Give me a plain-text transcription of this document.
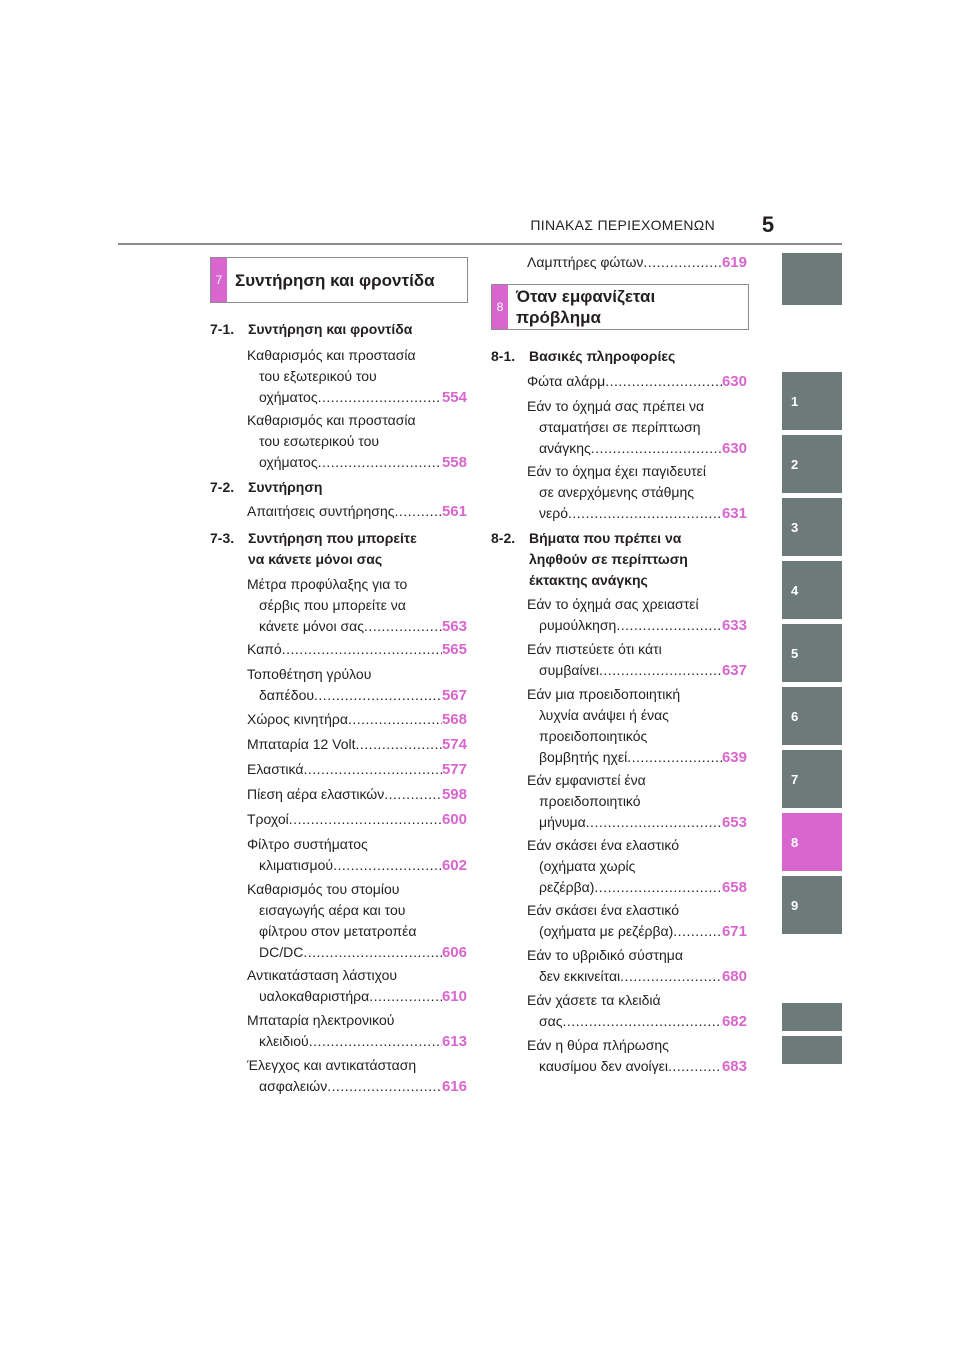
ΠΙΝΑΚΑΣ ΠΕΡΙΕΧΟΜΕΝΩΝ	5
1
2
3
4
5
6
7
8
9
7 Συντήρηση και φροντίδα
7-1. Συντήρηση και φροντίδα
Καθαρισμός και προστασία
του εξωτερικού του
οχήματος .....	554
Καθαρισμός και προστασία
του εσωτερικού του
οχήματος .....	558
7-2. Συντήρηση
Απαιτήσεις συντήρησης .....	561
7-3. Συντήρηση που μπορείτε
να κάνετε μόνοι σας
Μέτρα προφύλαξης για το
σέρβις που μπορείτε να
κάνετε μόνοι σας .....	563
Καπό .....	565
Τοποθέτηση γρύλου
δαπέδου .....	567
Χώρος κινητήρα .....	568
Μπαταρία 12 Volt .....	574
Ελαστικά .....	577
Πίεση αέρα ελαστικών .....	598
Τροχοί .....	600
Φίλτρο συστήματος
κλιματισμού .....	602
Καθαρισμός του στομίου
εισαγωγής αέρα και του
φίλτρου στον μετατροπέα
DC/DC .....	606
Αντικατάσταση λάστιχου
υαλοκαθαριστήρα .....	610
Μπαταρία ηλεκτρονικού
κλειδιού .....	613
Έλεγχος και αντικατάσταση
ασφαλειών .....	616
Λαμπτήρες φώτων .....	619
8
Όταν εμφανίζεται
πρόβλημα
8-1. Βασικές πληροφορίες
Φώτα αλάρμ .....	630
Εάν το όχημά σας πρέπει να
σταματήσει σε περίπτωση
ανάγκης .....	630
Εάν το όχημα έχει παγιδευτεί
σε ανερχόμενης στάθμης
νερό .....	631
8-2. Βήματα που πρέπει να
ληφθούν σε περίπτωση
έκτακτης ανάγκης
Εάν το όχημά σας χρειαστεί
ρυμούλκηση .....	633
Εάν πιστεύετε ότι κάτι
συμβαίνει .....	637
Εάν μια προειδοποιητική
λυχνία ανάψει ή ένας
προειδοποιητικός
βομβητής ηχεί .....	639
Εάν εμφανιστεί ένα
προειδοποιητικό
μήνυμα .....	653
Εάν σκάσει ένα ελαστικό
(οχήματα χωρίς
ρεζέρβα) .....	658
Εάν σκάσει ένα ελαστικό
(οχήματα με ρεζέρβα) .....	671
Εάν το υβριδικό σύστημα
δεν εκκινείται .....	680
Εάν χάσετε τα κλειδιά
σας .....	682
Εάν η θύρα πλήρωσης
καυσίμου δεν ανοίγει .....	683
